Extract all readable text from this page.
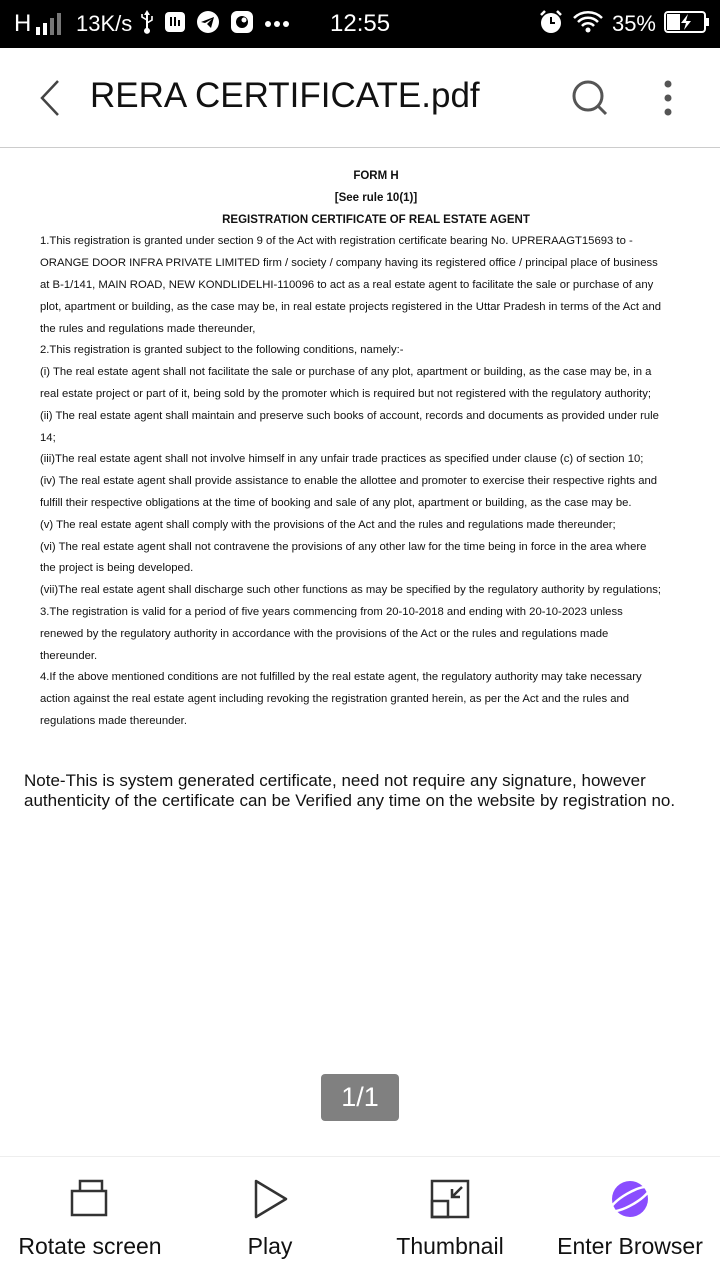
H 13K/s	12:55	35%
RERA CERTIFICATE.pdf
FORM H
[See rule 10(1)]
REGISTRATION CERTIFICATE OF REAL ESTATE AGENT

1.This registration is granted under section 9 of the Act with registration certificate bearing No. UPRERAAGT15693 to -

ORANGE DOOR INFRA PRIVATE LIMITED firm / society / company having its registered office / principal place of business

at B-1/141, MAIN ROAD, NEW KONDLIDELHI-110096 to act as a real estate agent to facilitate the sale or purchase of any

plot, apartment or building, as the case may be, in real estate projects registered in the Uttar Pradesh in terms of the Act and

the rules and regulations made thereunder,

2.This registration is granted subject to the following conditions, namely:-

(i) The real estate agent shall not facilitate the sale or purchase of any plot, apartment or building, as the case may be, in a

real estate project or part of it, being sold by the promoter which is required but not registered with the regulatory authority;

(ii) The real estate agent shall maintain and preserve such books of account, records and documents as provided under rule

14;

(iii)The real estate agent shall not involve himself in any unfair trade practices as specified under clause (c) of section 10;

(iv) The real estate agent shall provide assistance to enable the allottee and promoter to exercise their respective rights and

fulfill their respective obligations at the time of booking and sale of any plot, apartment or building, as the case may be.

(v) The real estate agent shall comply with the provisions of the Act and the rules and regulations made thereunder;

(vi) The real estate agent shall not contravene the provisions of any other law for the time being in force in the area where

the project is being developed.

(vii)The real estate agent shall discharge such other functions as may be specified by the regulatory authority by regulations;

3.The registration is valid for a period of five years commencing from 20-10-2018 and ending with 20-10-2023 unless

renewed by the regulatory authority in accordance with the provisions of the Act or the rules and regulations made

thereunder.

4.If the above mentioned conditions are not fulfilled by the real estate agent, the regulatory authority may take necessary

action against the real estate agent including revoking the registration granted herein, as per the Act and the rules and

regulations made thereunder.

Note-This is system generated certificate, need not require any signature, however authenticity of the certificate can be Verified any time on the website by registration no.
1/1
Rotate screen	Play	Thumbnail	Enter Browser
